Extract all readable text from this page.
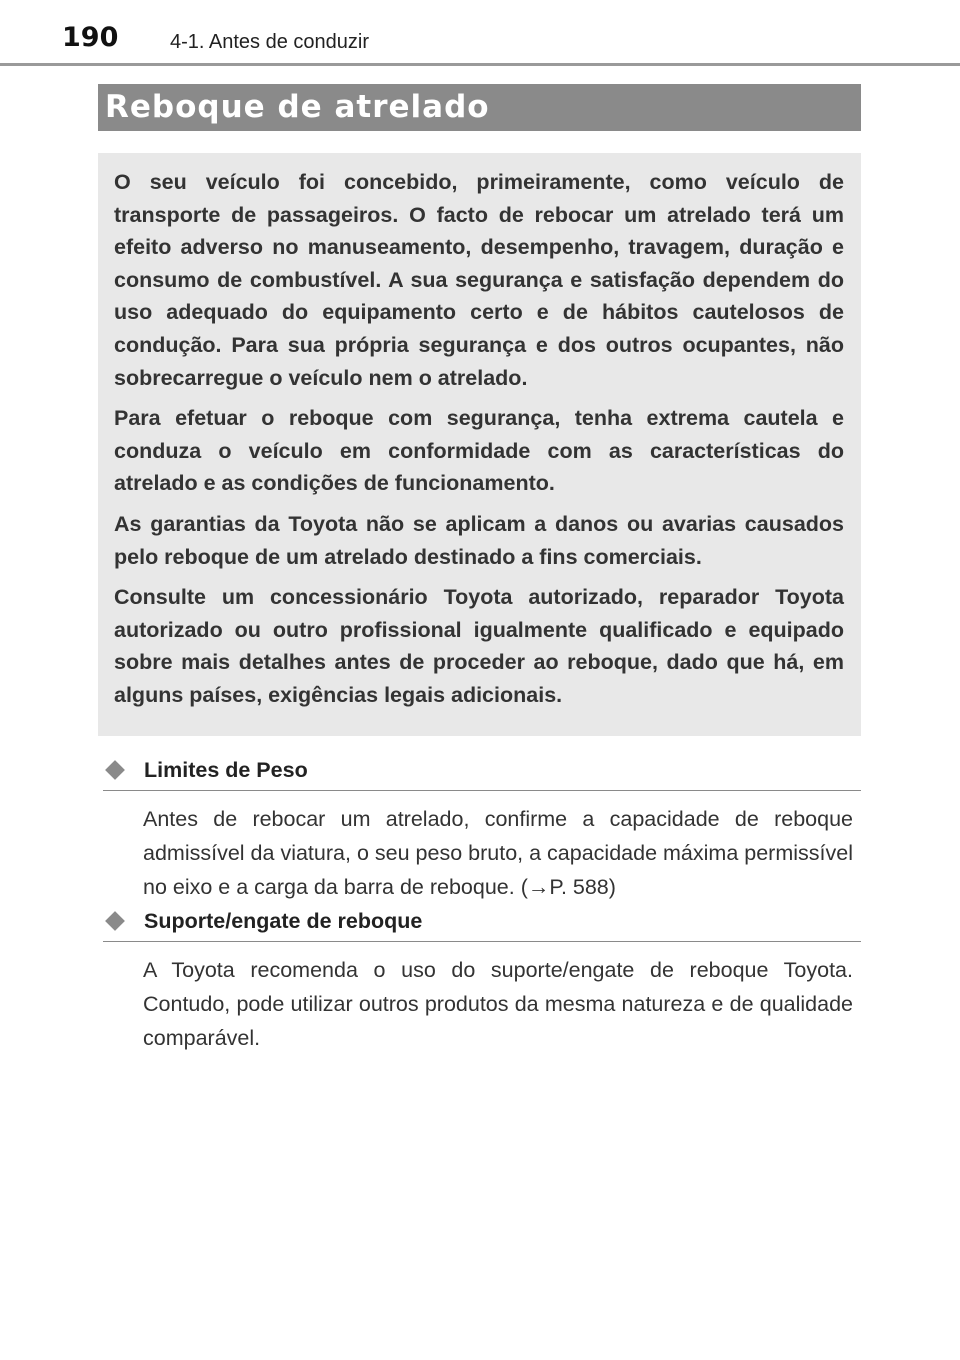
190	4-1. Antes de conduzir
Reboque de atrelado

O seu veículo foi concebido, primeiramente, como veículo de transporte de passageiros. O facto de rebocar um atrelado terá um efeito adverso no manuseamento, desempenho, travagem, duração e consumo de combustível. A sua segurança e satisfação dependem do uso adequado do equipamento certo e de hábitos cautelosos de condução. Para sua própria segurança e dos outros ocupantes, não sobrecarregue o veículo nem o atrelado.

Para efetuar o reboque com segurança, tenha extrema cautela e conduza o veículo em conformidade com as características do atrelado e as condições de funcionamento.

As garantias da Toyota não se aplicam a danos ou avarias causados pelo reboque de um atrelado destinado a fins comerciais.

Consulte um concessionário Toyota autorizado, reparador Toyota autorizado ou outro profissional igualmente qualificado e equipado sobre mais detalhes antes de proceder ao reboque, dado que há, em alguns países, exigências legais adicionais.

Limites de Peso

Antes de rebocar um atrelado, confirme a capacidade de reboque admissível da viatura, o seu peso bruto, a capacidade máxima permissível no eixo e a carga da barra de reboque. (→P. 588)

Suporte/engate de reboque

A Toyota recomenda o uso do suporte/engate de reboque Toyota. Contudo, pode utilizar outros produtos da mesma natureza e de qualidade comparável.
